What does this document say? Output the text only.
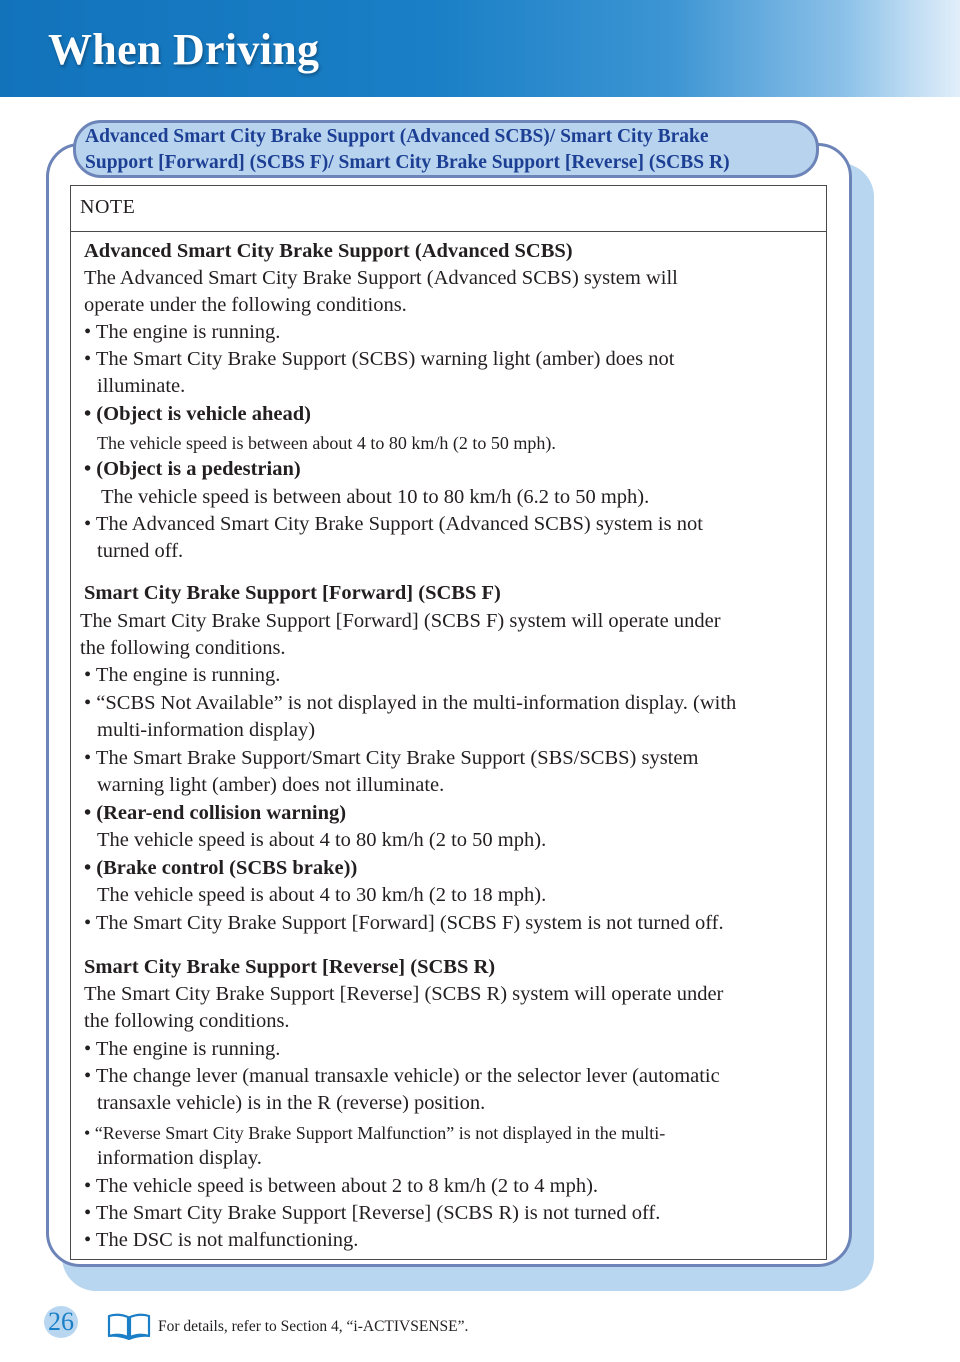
When Driving
Advanced Smart City Brake Support (Advanced SCBS)/ Smart City Brake
Support [Forward] (SCBS F)/ Smart City Brake Support [Reverse] (SCBS R)
NOTE
Advanced Smart City Brake Support (Advanced SCBS)
The Advanced Smart City Brake Support (Advanced SCBS) system will
operate under the following conditions.
• The engine is running.
• The Smart City Brake Support (SCBS) warning light (amber) does not
illuminate.
• (Object is vehicle ahead)
The vehicle speed is between about 4 to 80 km/h (2 to 50 mph).
• (Object is a pedestrian)
The vehicle speed is between about 10 to 80 km/h (6.2 to 50 mph).
• The Advanced Smart City Brake Support (Advanced SCBS) system is not
turned off.
Smart City Brake Support [Forward] (SCBS F)
The Smart City Brake Support [Forward] (SCBS F) system will operate under
the following conditions.
• The engine is running.
• “SCBS Not Available” is not displayed in the multi-information display. (with
multi-information display)
• The Smart Brake Support/Smart City Brake Support (SBS/SCBS) system
warning light (amber) does not illuminate.
• (Rear-end collision warning)
The vehicle speed is about 4 to 80 km/h (2 to 50 mph).
• (Brake control (SCBS brake))
The vehicle speed is about 4 to 30 km/h (2 to 18 mph).
• The Smart City Brake Support [Forward] (SCBS F) system is not turned off.
Smart City Brake Support [Reverse] (SCBS R)
The Smart City Brake Support [Reverse] (SCBS R) system will operate under
the following conditions.
• The engine is running.
• The change lever (manual transaxle vehicle) or the selector lever (automatic
transaxle vehicle) is in the R (reverse) position.
• “Reverse Smart City Brake Support Malfunction” is not displayed in the multi-
information display.
• The vehicle speed is between about 2 to 8 km/h (2 to 4 mph).
• The Smart City Brake Support [Reverse] (SCBS R) is not turned off.
• The DSC is not malfunctioning.
26	For details, refer to Section 4, “i-ACTIVSENSE”.
